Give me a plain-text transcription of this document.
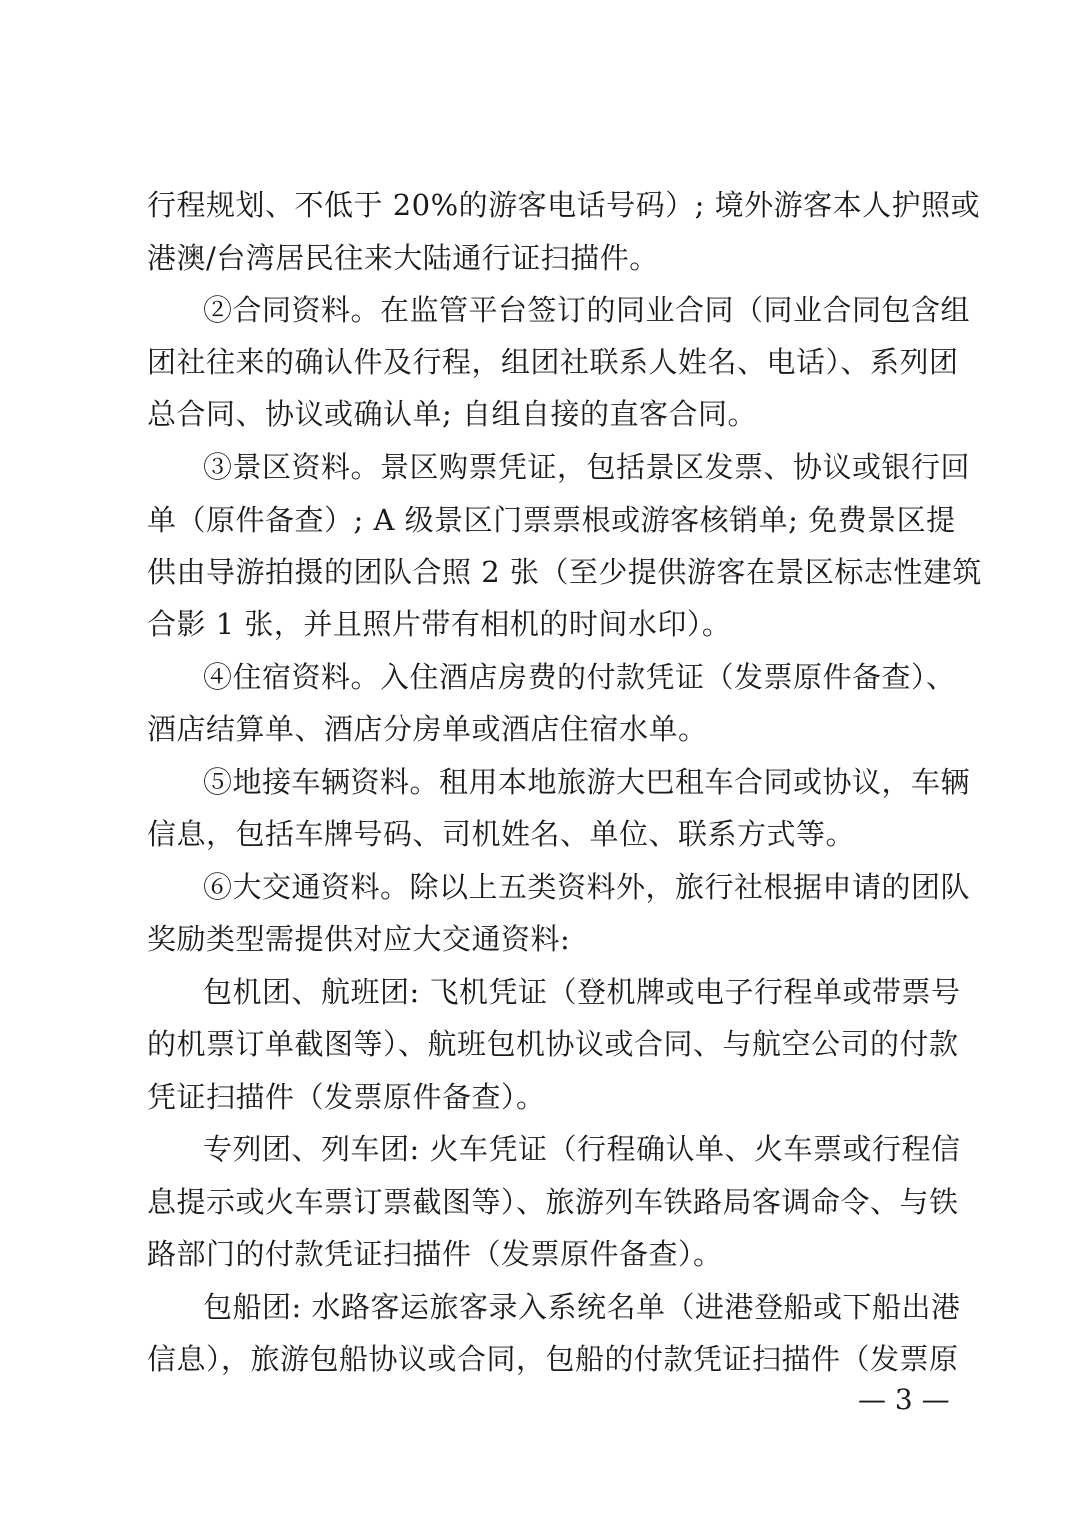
行程规划、不低于 20%的游客电话号码）; 境外游客本人护照或
港澳/台湾居民往来大陆通行证扫描件。
②合同资料。在监管平台签订的同业合同（同业合同包含组
团社往来的确认件及行程，组团社联系人姓名、电话）、系列团
总合同、协议或确认单; 自组自接的直客合同。
③景区资料。景区购票凭证，包括景区发票、协议或银行回
单（原件备查）; A 级景区门票票根或游客核销单; 免费景区提
供由导游拍摄的团队合照 2 张（至少提供游客在景区标志性建筑
合影 1 张，并且照片带有相机的时间水印）。
④住宿资料。入住酒店房费的付款凭证（发票原件备查）、
酒店结算单、酒店分房单或酒店住宿水单。
⑤地接车辆资料。租用本地旅游大巴租车合同或协议，车辆
信息，包括车牌号码、司机姓名、单位、联系方式等。
⑥大交通资料。除以上五类资料外，旅行社根据申请的团队
奖励类型需提供对应大交通资料:
包机团、航班团: 飞机凭证（登机牌或电子行程单或带票号
的机票订单截图等）、航班包机协议或合同、与航空公司的付款
凭证扫描件（发票原件备查）。
专列团、列车团: 火车凭证（行程确认单、火车票或行程信
息提示或火车票订票截图等）、旅游列车铁路局客调命令、与铁
路部门的付款凭证扫描件（发票原件备查）。
包船团: 水路客运旅客录入系统名单（进港登船或下船出港
信息），旅游包船协议或合同，包船的付款凭证扫描件（发票原
— 3 —
